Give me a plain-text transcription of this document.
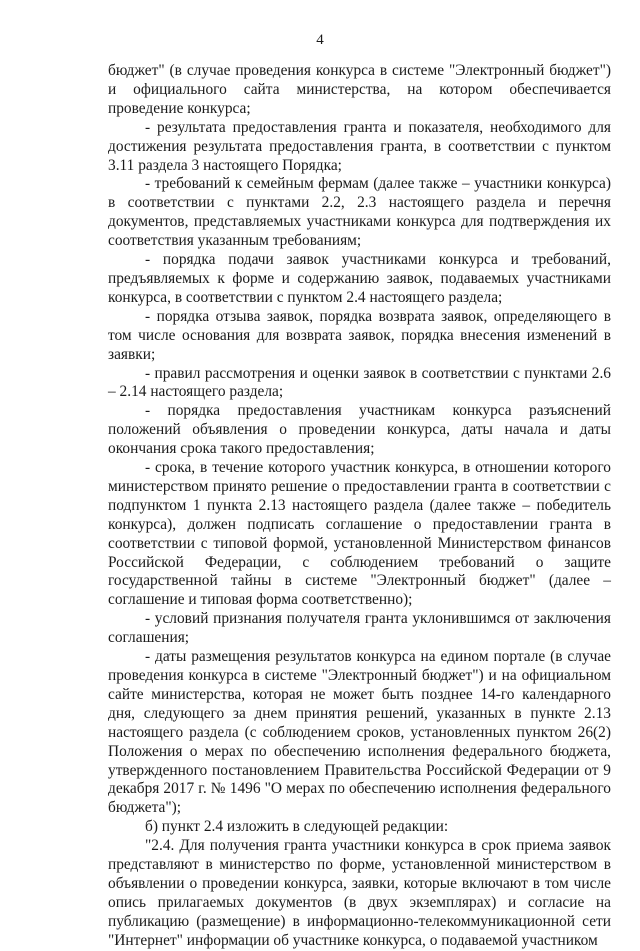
4

бюджет" (в случае проведения конкурса в системе "Электронный бюджет") и официального сайта министерства, на котором обеспечивается проведение конкурса;

- результата предоставления гранта и показателя, необходимого для достижения результата предоставления гранта, в соответствии с пунктом 3.11 раздела 3 настоящего Порядка;

- требований к семейным фермам (далее также – участники конкурса) в соответствии с пунктами 2.2, 2.3 настоящего раздела и перечня документов, представляемых участниками конкурса для подтверждения их соответствия указанным требованиям;

- порядка подачи заявок участниками конкурса и требований, предъявляемых к форме и содержанию заявок, подаваемых участниками конкурса, в соответствии с пунктом 2.4 настоящего раздела;

- порядка отзыва заявок, порядка возврата заявок, определяющего в том числе основания для возврата заявок, порядка внесения изменений в заявки;

- правил рассмотрения и оценки заявок в соответствии с пунктами 2.6 – 2.14 настоящего раздела;

- порядка предоставления участникам конкурса разъяснений положений объявления о проведении конкурса, даты начала и даты окончания срока такого предоставления;

- срока, в течение которого участник конкурса, в отношении которого министерством принято решение о предоставлении гранта в соответствии с подпунктом 1 пункта 2.13 настоящего раздела (далее также – победитель конкурса), должен подписать соглашение о предоставлении гранта в соответствии с типовой формой, установленной Министерством финансов Российской Федерации, с соблюдением требований о защите государственной тайны в системе "Электронный бюджет" (далее – соглашение и типовая форма соответственно);

- условий признания получателя гранта уклонившимся от заключения соглашения;

- даты размещения результатов конкурса на едином портале (в случае проведения конкурса в системе "Электронный бюджет") и на официальном сайте министерства, которая не может быть позднее 14-го календарного дня, следующего за днем принятия решений, указанных в пункте 2.13 настоящего раздела (с соблюдением сроков, установленных пунктом 26(2) Положения о мерах по обеспечению исполнения федерального бюджета, утвержденного постановлением Правительства Российской Федерации от 9 декабря 2017 г. № 1496 "О мерах по обеспечению исполнения федерального бюджета");

б) пункт 2.4 изложить в следующей редакции:

"2.4. Для получения гранта участники конкурса в срок приема заявок представляют в министерство по форме, установленной министерством в объявлении о проведении конкурса, заявки, которые включают в том числе опись прилагаемых документов (в двух экземплярах) и согласие на публикацию (размещение) в информационно-телекоммуникационной сети "Интернет" информации об участнике конкурса, о подаваемой участником
